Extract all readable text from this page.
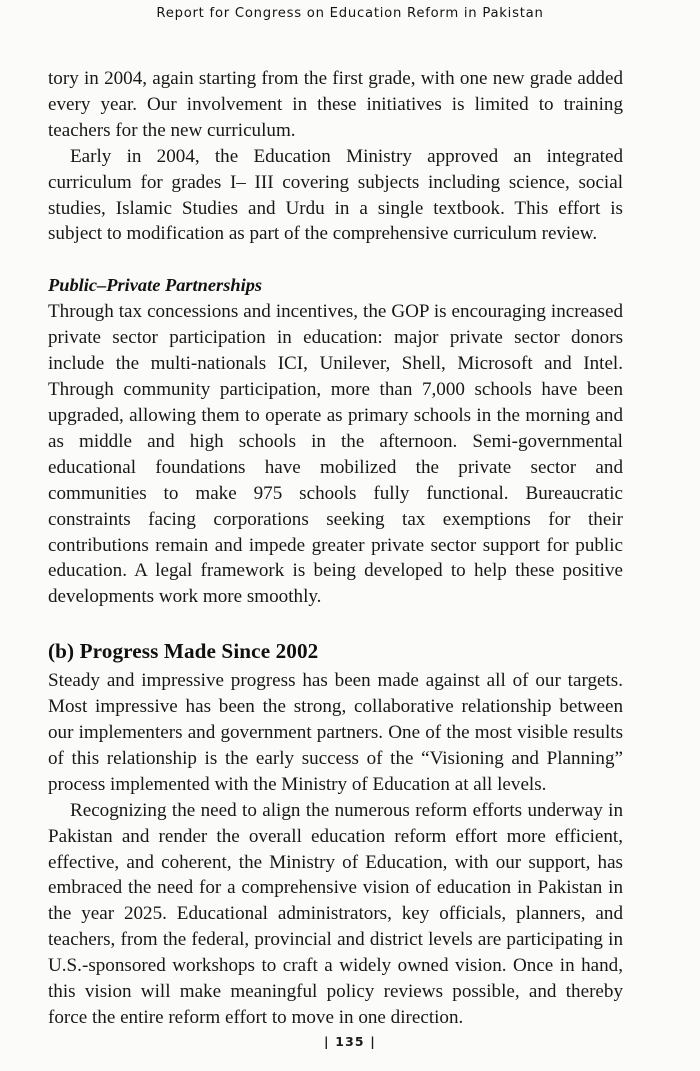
Report for Congress on Education Reform in Pakistan

tory in 2004, again starting from the first grade, with one new grade added every year. Our involvement in these initiatives is limited to training teachers for the new curriculum.

Early in 2004, the Education Ministry approved an integrated curriculum for grades I– III covering subjects including science, social studies, Islamic Studies and Urdu in a single textbook. This effort is subject to modification as part of the comprehensive curriculum review.

Public–Private Partnerships

Through tax concessions and incentives, the GOP is encouraging increased private sector participation in education: major private sector donors include the multi-nationals ICI, Unilever, Shell, Microsoft and Intel. Through community participation, more than 7,000 schools have been upgraded, allowing them to operate as primary schools in the morning and as middle and high schools in the afternoon. Semi-governmental educational foundations have mobilized the private sector and communities to make 975 schools fully functional. Bureaucratic constraints facing corporations seeking tax exemptions for their contributions remain and impede greater private sector support for public education. A legal framework is being developed to help these positive developments work more smoothly.

(b) Progress Made Since 2002

Steady and impressive progress has been made against all of our targets. Most impressive has been the strong, collaborative relationship between our implementers and government partners. One of the most visible results of this relationship is the early success of the “Visioning and Planning” process implemented with the Ministry of Education at all levels.

Recognizing the need to align the numerous reform efforts underway in Pakistan and render the overall education reform effort more efficient, effective, and coherent, the Ministry of Education, with our support, has embraced the need for a comprehensive vision of education in Pakistan in the year 2025. Educational administrators, key officials, planners, and teachers, from the federal, provincial and district levels are participating in U.S.-sponsored workshops to craft a widely owned vision. Once in hand, this vision will make meaningful policy reviews possible, and thereby force the entire reform effort to move in one direction.

| 135 |
